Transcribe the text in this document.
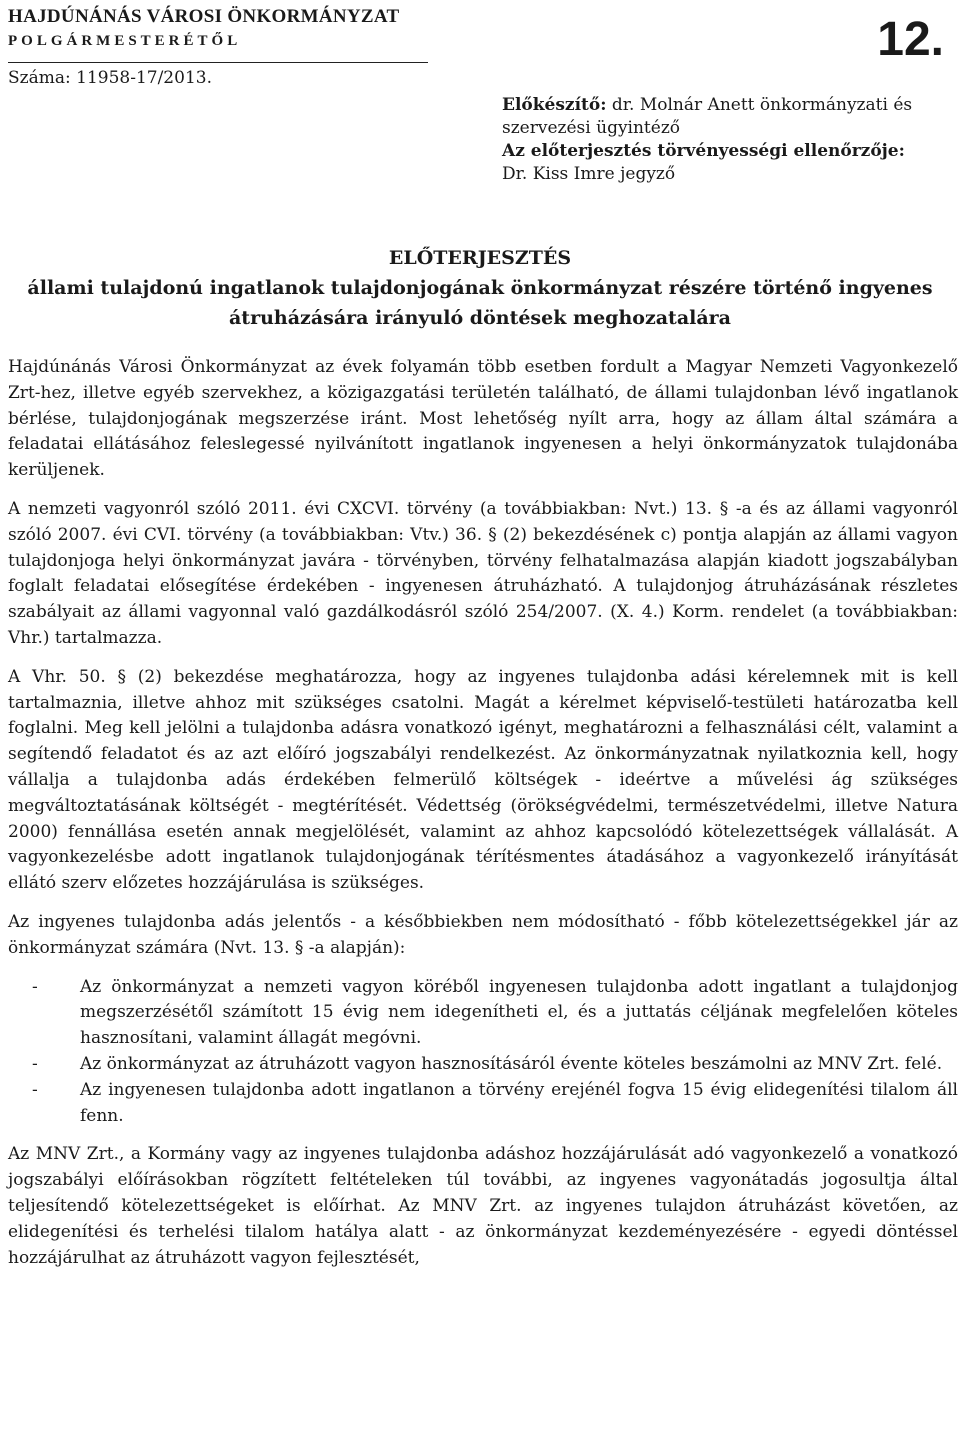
HAJDÚNÁNÁS VÁROSI ÖNKORMÁNYZAT
POLGÁRMESTERÉTŐL
Száma: 11958-17/2013.
12.
Előkészítő: dr. Molnár Anett önkormányzati és szervezési ügyintéző
Az előterjesztés törvényességi ellenőrzője:
Dr. Kiss Imre jegyző
ELŐTERJESZTÉS
állami tulajdonú ingatlanok tulajdonjogának önkormányzat részére történő ingyenes
átruházására irányuló döntések meghozatalára

Hajdúnánás Városi Önkormányzat az évek folyamán több esetben fordult a Magyar Nemzeti Vagyonkezelő Zrt-hez, illetve egyéb szervekhez, a közigazgatási területén található, de állami tulajdonban lévő ingatlanok bérlése, tulajdonjogának megszerzése iránt. Most lehetőség nyílt arra, hogy az állam által számára a feladatai ellátásához feleslegessé nyilvánított ingatlanok ingyenesen a helyi önkormányzatok tulajdonába kerüljenek.

A nemzeti vagyonról szóló 2011. évi CXCVI. törvény (a továbbiakban: Nvt.) 13. § -a és az állami vagyonról szóló 2007. évi CVI. törvény (a továbbiakban: Vtv.) 36. § (2) bekezdésének c) pontja alapján az állami vagyon tulajdonjoga helyi önkormányzat javára - törvényben, törvény felhatalmazása alapján kiadott jogszabályban foglalt feladatai elősegítése érdekében - ingyenesen átruházható. A tulajdonjog átruházásának részletes szabályait az állami vagyonnal való gazdálkodásról szóló 254/2007. (X. 4.) Korm. rendelet (a továbbiakban: Vhr.) tartalmazza.

A Vhr. 50. § (2) bekezdése meghatározza, hogy az ingyenes tulajdonba adási kérelemnek mit is kell tartalmaznia, illetve ahhoz mit szükséges csatolni. Magát a kérelmet képviselő-testületi határozatba kell foglalni. Meg kell jelölni a tulajdonba adásra vonatkozó igényt, meghatározni a felhasználási célt, valamint a segítendő feladatot és az azt előíró jogszabályi rendelkezést. Az önkormányzatnak nyilatkoznia kell, hogy vállalja a tulajdonba adás érdekében felmerülő költségek - ideértve a művelési ág szükséges megváltoztatásának költségét - megtérítését. Védettség (örökségvédelmi, természetvédelmi, illetve Natura 2000) fennállása esetén annak megjelölését, valamint az ahhoz kapcsolódó kötelezettségek vállalását. A vagyonkezelésbe adott ingatlanok tulajdonjogának térítésmentes átadásához a vagyonkezelő irányítását ellátó szerv előzetes hozzájárulása is szükséges.

Az ingyenes tulajdonba adás jelentős - a későbbiekben nem módosítható - főbb kötelezettségekkel jár az önkormányzat számára (Nvt. 13. § -a alapján):

- Az önkormányzat a nemzeti vagyon köréből ingyenesen tulajdonba adott ingatlant a tulajdonjog megszerzésétől számított 15 évig nem idegenítheti el, és a juttatás céljának megfelelően köteles hasznosítani, valamint állagát megóvni.
- Az önkormányzat az átruházott vagyon hasznosításáról évente köteles beszámolni az MNV Zrt. felé.
- Az ingyenesen tulajdonba adott ingatlanon a törvény erejénél fogva 15 évig elidegenítési tilalom áll fenn.

Az MNV Zrt., a Kormány vagy az ingyenes tulajdonba adáshoz hozzájárulását adó vagyonkezelő a vonatkozó jogszabályi előírásokban rögzített feltételeken túl további, az ingyenes vagyonátadás jogosultja által teljesítendő kötelezettségeket is előírhat. Az MNV Zrt. az ingyenes tulajdon átruházást követően, az elidegenítési és terhelési tilalom hatálya alatt - az önkormányzat kezdeményezésére - egyedi döntéssel hozzájárulhat az átruházott vagyon fejlesztését,
